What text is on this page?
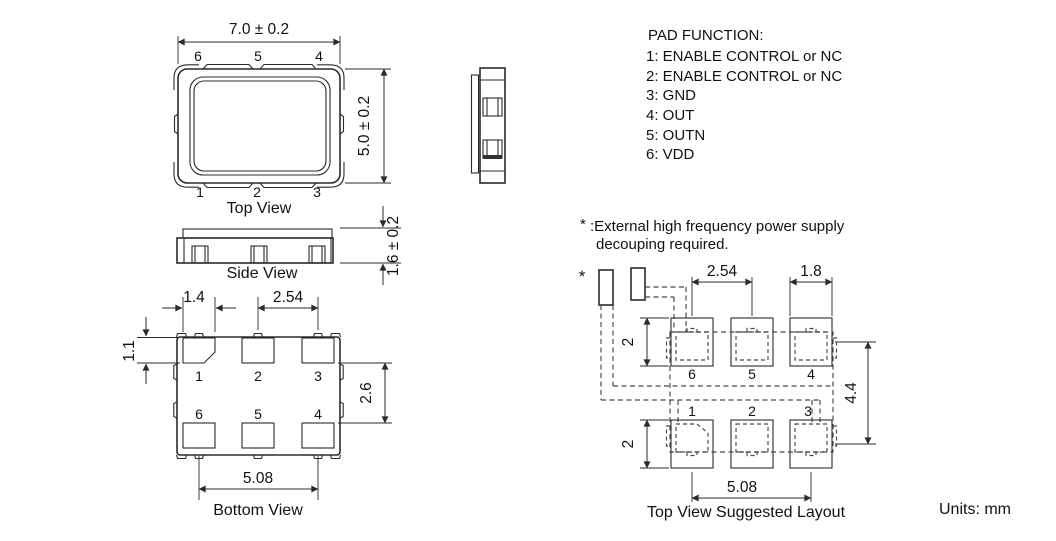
7.0 ± 0.2
6	5	4
1	2	3
Top View
5.0 ± 0.2
Side View	1.6 ± 0.2
1.4	2.54
1	2	3
6	5	4
1.1
2.6
5.08
Bottom View
PAD FUNCTION:
1: ENABLE CONTROL or NC
2: ENABLE CONTROL or NC
3: GND
4: OUT
5: OUTN
6: VDD
* :External high frequency power supply
decouping required.
*	2.54	1.8
6	5	4
1	2	3
2
2
4.4
5.08
Top View Suggested Layout	Units: mm
